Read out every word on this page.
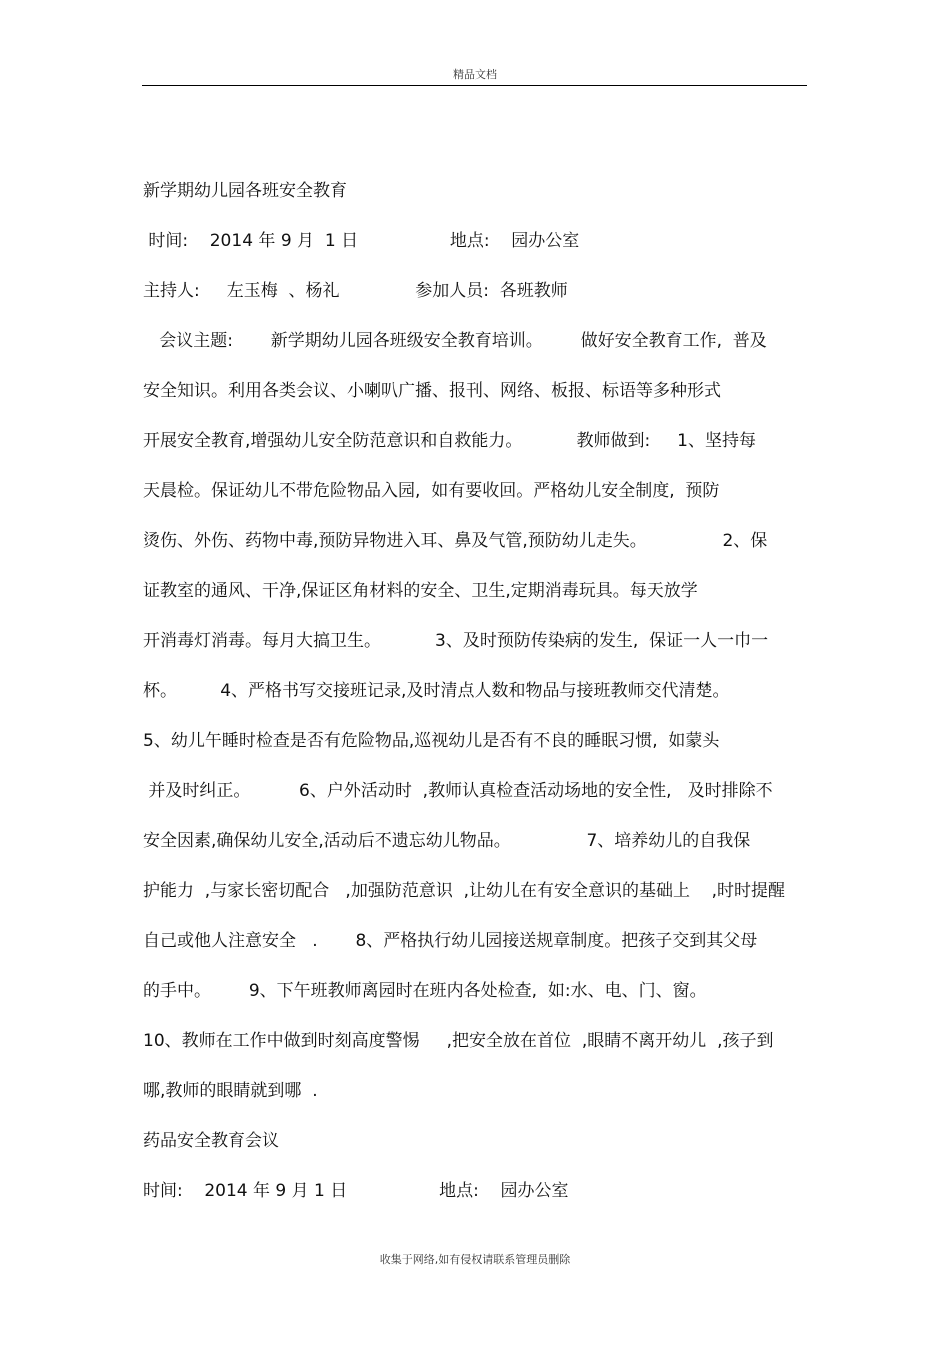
精品文档
新学期幼儿园各班安全教育
时间:    2014 年 9 月  1 日                 地点:    园办公室
主持人:     左玉梅  、杨礼              参加人员:  各班教师
会议主题:       新学期幼儿园各班级安全教育培训。       做好安全教育工作,  普及
安全知识。利用各类会议、小喇叭广播、报刊、网络、板报、标语等多种形式
开展安全教育,增强幼儿安全防范意识和自救能力。          教师做到:     1、坚持每
天晨检。保证幼儿不带危险物品入园,  如有要收回。严格幼儿安全制度,  预防
烫伤、外伤、药物中毒,预防异物进入耳、鼻及气管,预防幼儿走失。              2、保
证教室的通风、干净,保证区角材料的安全、卫生,定期消毒玩具。每天放学
开消毒灯消毒。每月大搞卫生。          3、及时预防传染病的发生,  保证一人一巾一
杯。        4、严格书写交接班记录,及时清点人数和物品与接班教师交代清楚。
5、幼儿午睡时检查是否有危险物品,巡视幼儿是否有不良的睡眠习惯,  如蒙头
并及时纠正。         6、户外活动时  ,教师认真检查活动场地的安全性,   及时排除不
安全因素,确保幼儿安全,活动后不遗忘幼儿物品。              7、培养幼儿的自我保
护能力  ,与家长密切配合   ,加强防范意识  ,让幼儿在有安全意识的基础上    ,时时提醒
自己或他人注意安全   .       8、严格执行幼儿园接送规章制度。把孩子交到其父母
的手中。       9、下午班教师离园时在班内各处检查,  如:水、电、门、窗。
10、教师在工作中做到时刻高度警惕     ,把安全放在首位  ,眼睛不离开幼儿  ,孩子到
哪,教师的眼睛就到哪  .
药品安全教育会议
时间:    2014 年 9 月 1 日                 地点:    园办公室
收集于网络,如有侵权请联系管理员删除
